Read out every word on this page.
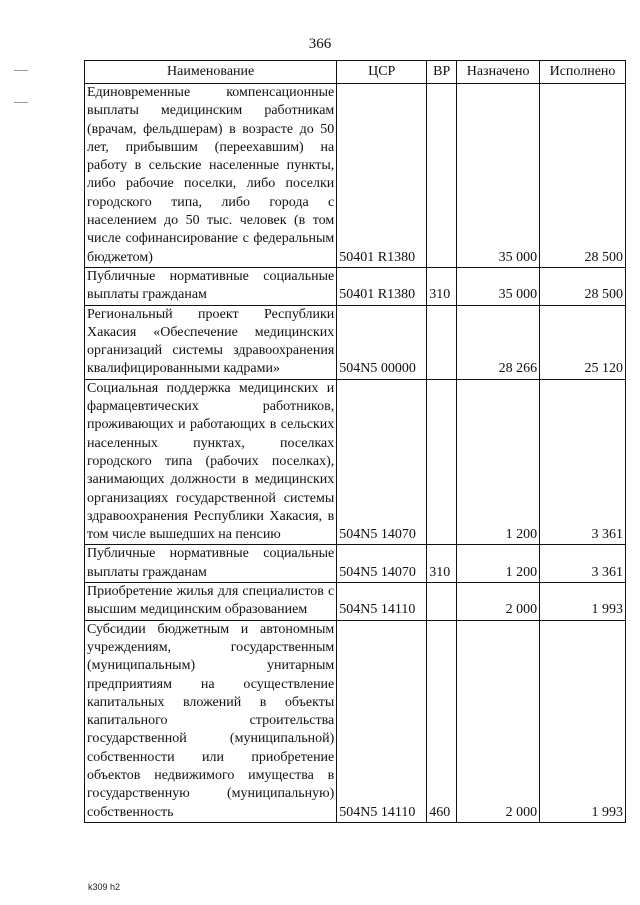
366
Наименование	ЦСР	ВР	Назначено	Исполнено
Единовременные компенсационные выплаты медицинским работникам (врачам, фельдшерам) в возрасте до 50 лет, прибывшим (переехавшим) на работу в сельские населенные пункты, либо рабочие поселки, либо поселки городского типа, либо города с населением до 50 тыс. человек (в том числе софинансирование с федеральным бюджетом)	50401 R1380		35 000	28 500
Публичные нормативные социальные выплаты гражданам	50401 R1380	310	35 000	28 500
Региональный проект Республики Хакасия «Обеспечение медицинских организаций системы здравоохранения квалифицированными кадрами»	504N5 00000		28 266	25 120
Социальная поддержка медицинских и фармацевтических работников, проживающих и работающих в сельских населенных пунктах, поселках городского типа (рабочих поселках), занимающих должности в медицинских организациях государственной системы здравоохранения Республики Хакасия, в том числе вышедших на пенсию	504N5 14070		1 200	3 361
Публичные нормативные социальные выплаты гражданам	504N5 14070	310	1 200	3 361
Приобретение жилья для специалистов с высшим медицинским образованием	504N5 14110		2 000	1 993
Субсидии бюджетным и автономным учреждениям, государственным (муниципальным) унитарным предприятиям на осуществление капитальных вложений в объекты капитального строительства государственной (муниципальной) собственности или приобретение объектов недвижимого имущества в государственную (муниципальную) собственность	504N5 14110	460	2 000	1 993
k309 h2
